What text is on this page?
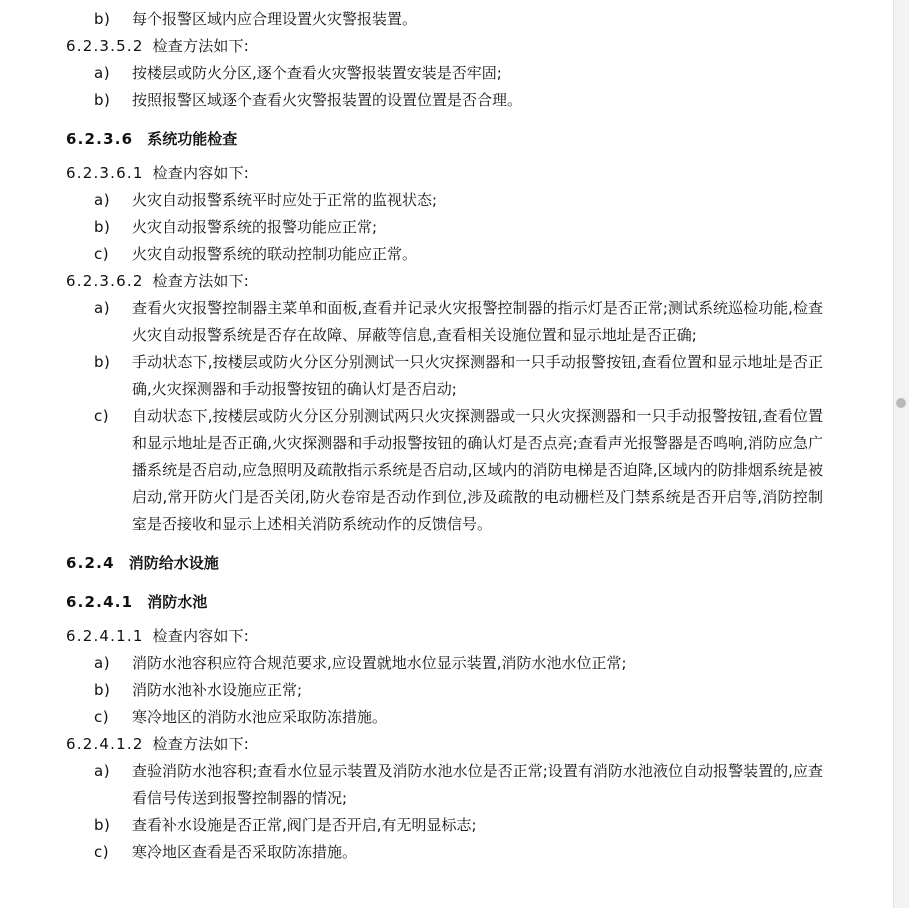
b)	每个报警区域内应合理设置火灾警报装置。
6.2.3.5.2 检查方法如下:
a)	按楼层或防火分区,逐个查看火灾警报装置安装是否牢固;
b)	按照报警区域逐个查看火灾警报装置的设置位置是否合理。
6.2.3.6 系统功能检查
6.2.3.6.1 检查内容如下:
a)	火灾自动报警系统平时应处于正常的监视状态;
b)	火灾自动报警系统的报警功能应正常;
c)	火灾自动报警系统的联动控制功能应正常。
6.2.3.6.2 检查方法如下:
a)	查看火灾报警控制器主菜单和面板,查看并记录火灾报警控制器的指示灯是否正常;测试系统巡检功能,检查火灾自动报警系统是否存在故障、屏蔽等信息,查看相关设施位置和显示地址是否正确;
b)	手动状态下,按楼层或防火分区分别测试一只火灾探测器和一只手动报警按钮,查看位置和显示地址是否正确,火灾探测器和手动报警按钮的确认灯是否启动;
c)	自动状态下,按楼层或防火分区分别测试两只火灾探测器或一只火灾探测器和一只手动报警按钮,查看位置和显示地址是否正确,火灾探测器和手动报警按钮的确认灯是否点亮;查看声光报警器是否鸣响,消防应急广播系统是否启动,应急照明及疏散指示系统是否启动,区域内的消防电梯是否迫降,区域内的防排烟系统是被启动,常开防火门是否关闭,防火卷帘是否动作到位,涉及疏散的电动栅栏及门禁系统是否开启等,消防控制室是否接收和显示上述相关消防系统动作的反馈信号。
6.2.4 消防给水设施
6.2.4.1 消防水池
6.2.4.1.1 检查内容如下:
a)	消防水池容积应符合规范要求,应设置就地水位显示装置,消防水池水位正常;
b)	消防水池补水设施应正常;
c)	寒冷地区的消防水池应采取防冻措施。
6.2.4.1.2 检查方法如下:
a)	查验消防水池容积;查看水位显示装置及消防水池水位是否正常;设置有消防水池液位自动报警装置的,应查看信号传送到报警控制器的情况;
b)	查看补水设施是否正常,阀门是否开启,有无明显标志;
c)	寒冷地区查看是否采取防冻措施。
